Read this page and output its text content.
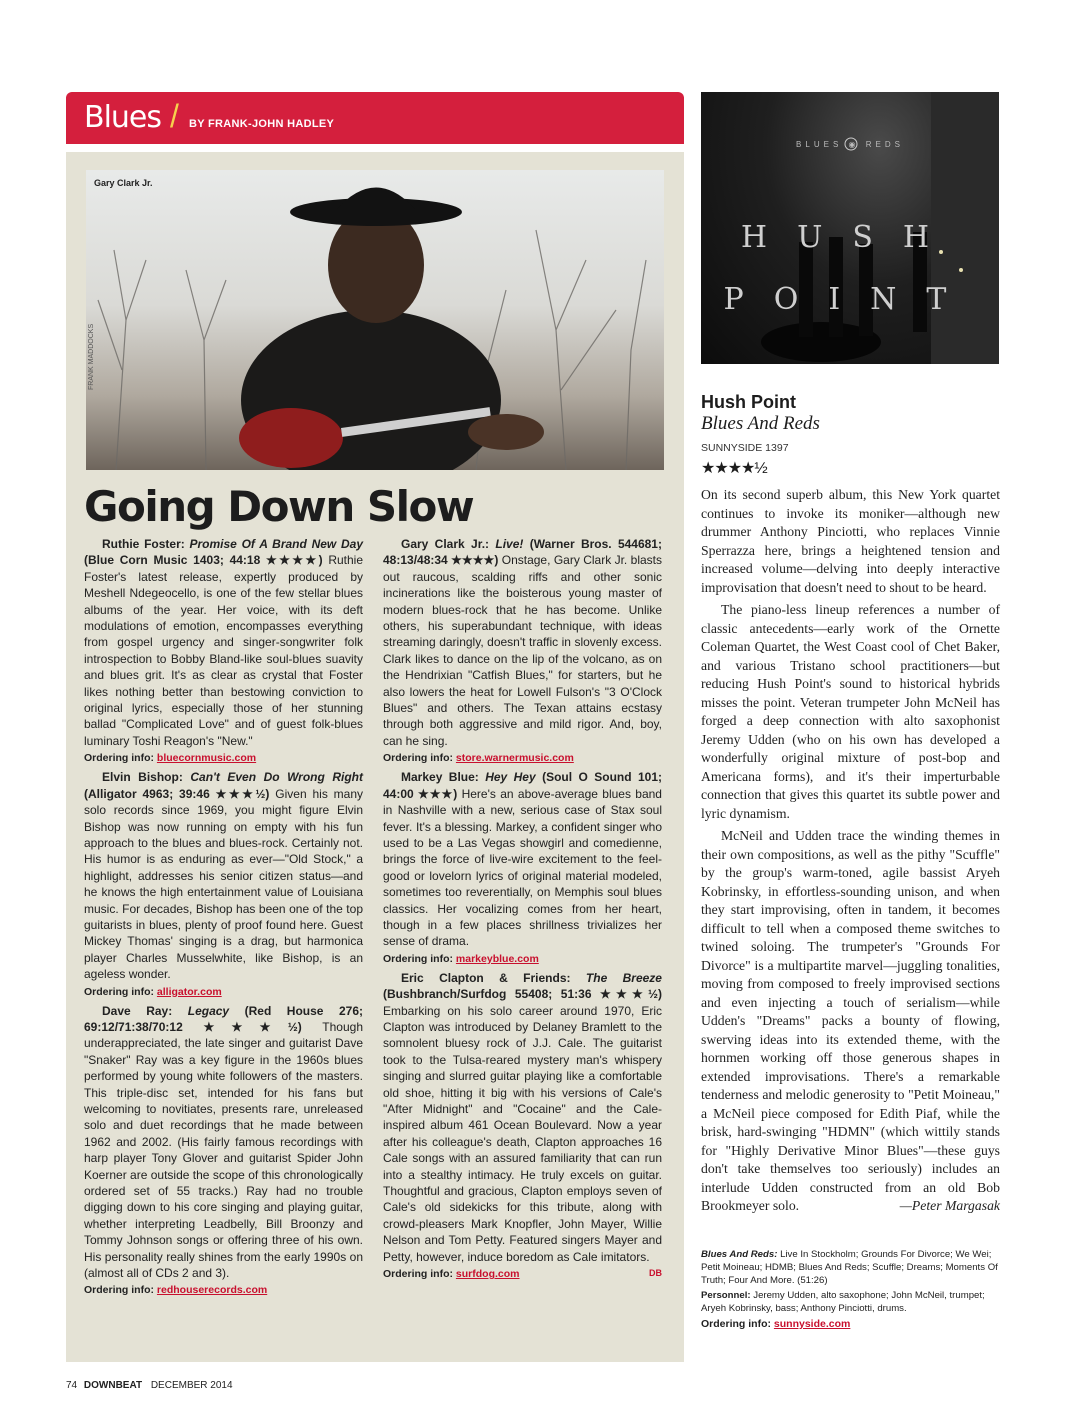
Blues / BY FRANK-JOHN HADLEY
Gary Clark Jr.
FRANK MADDOCKS
Going Down Slow

Ruthie Foster: Promise Of A Brand New Day (Blue Corn Music 1403; 44:18 ★★★★) Ruthie Foster's latest release, expertly produced by Meshell Ndegeocello, is one of the few stellar blues albums of the year. Her voice, with its deft modulations of emotion, encompasses everything from gospel urgency and singer-songwriter folk introspection to Bobby Bland-like soul-blues suavity and blues grit. It's as clear as crystal that Foster likes nothing better than bestowing conviction to original lyrics, especially those of her stunning ballad "Complicated Love" and of guest folk-blues luminary Toshi Reagon's "New."

Ordering info: bluecornmusic.com

Elvin Bishop: Can't Even Do Wrong Right (Alligator 4963; 39:46 ★★★½) Given his many solo records since 1969, you might figure Elvin Bishop was now running on empty with his fun approach to the blues and blues-rock. Certainly not. His humor is as enduring as ever—"Old Stock," a highlight, addresses his senior citizen status—and he knows the high entertainment value of Louisiana music. For decades, Bishop has been one of the top guitarists in blues, plenty of proof found here. Guest Mickey Thomas' singing is a drag, but harmonica player Charles Musselwhite, like Bishop, is an ageless wonder.

Ordering info: alligator.com

Dave Ray: Legacy (Red House 276; 69:12/71:38/70:12 ★★★½) Though underappreciated, the late singer and guitarist Dave "Snaker" Ray was a key figure in the 1960s blues performed by young white followers of the masters. This triple-disc set, intended for his fans but welcoming to novitiates, presents rare, unreleased solo and duet recordings that he made between 1962 and 2002. (His fairly famous recordings with harp player Tony Glover and guitarist Spider John Koerner are outside the scope of this chronologically ordered set of 55 tracks.) Ray had no trouble digging down to his core singing and playing guitar, whether interpreting Leadbelly, Bill Broonzy and Tommy Johnson songs or offering three of his own. His personality really shines from the early 1990s on (almost all of CDs 2 and 3).

Ordering info: redhouserecords.com

Gary Clark Jr.: Live! (Warner Bros. 544681; 48:13/48:34 ★★★★) Onstage, Gary Clark Jr. blasts out raucous, scalding riffs and other sonic incinerations like the boisterous young master of modern blues-rock that he has become. Unlike others, his superabundant technique, with ideas streaming daringly, doesn't traffic in slovenly excess. Clark likes to dance on the lip of the volcano, as on the Hendrixian "Catfish Blues," for starters, but he also lowers the heat for Lowell Fulson's "3 O'Clock Blues" and others. The Texan attains ecstasy through both aggressive and mild rigor. And, boy, can he sing.

Ordering info: store.warnermusic.com

Markey Blue: Hey Hey (Soul O Sound 101; 44:00 ★★★) Here's an above-average blues band in Nashville with a new, serious case of Stax soul fever. It's a blessing. Markey, a confident singer who used to be a Las Vegas showgirl and comedienne, brings the force of live-wire excitement to the feel-good or lovelorn lyrics of original material modeled, sometimes too reverentially, on Memphis soul blues classics. Her vocalizing comes from her heart, though in a few places shrillness trivializes her sense of drama.

Ordering info: markeyblue.com

Eric Clapton & Friends: The Breeze (Bushbranch/Surfdog 55408; 51:36 ★★★½) Embarking on his solo career around 1970, Eric Clapton was introduced by Delaney Bramlett to the somnolent bluesy rock of J.J. Cale. The guitarist took to the Tulsa-reared mystery man's whispery singing and slurred guitar playing like a comfortable old shoe, hitting it big with his versions of Cale's "After Midnight" and "Cocaine" and the Cale-inspired album 461 Ocean Boulevard. Now a year after his colleague's death, Clapton approaches 16 Cale songs with an assured familiarity that can run into a stealthy intimacy. He truly excels on guitar. Thoughtful and gracious, Clapton employs seven of Cale's old sidekicks for this tribute, along with crowd-pleasers Mark Knopfler, John Mayer, Willie Nelson and Tom Petty. Featured singers Mayer and Petty, however, induce boredom as Cale imitators.
DB

Ordering info: surfdog.com
BLUES ◉ REDS
HUSH
POINT
Hush Point
Blues And Reds
SUNNYSIDE 1397
★★★★½

On its second superb album, this New York quartet continues to invoke its moniker—although new drummer Anthony Pinciotti, who replaces Vinnie Sperrazza here, brings a heightened tension and increased volume—delving into deeply interactive improvisation that doesn't need to shout to be heard.

The piano-less lineup references a number of classic antecedents—early work of the Ornette Coleman Quartet, the West Coast cool of Chet Baker, and various Tristano school practitioners—but reducing Hush Point's sound to historical hybrids misses the point. Veteran trumpeter John McNeil has forged a deep connection with alto saxophonist Jeremy Udden (who on his own has developed a wonderfully original mixture of post-bop and Americana forms), and it's their imperturbable connection that gives this quartet its subtle power and lyric dynamism.

McNeil and Udden trace the winding themes in their own compositions, as well as the pithy "Scuffle" by the group's warm-toned, agile bassist Aryeh Kobrinsky, in effortless-sounding unison, and when they start improvising, often in tandem, it becomes difficult to tell when a composed theme switches to twined soloing. The trumpeter's "Grounds For Divorce" is a multipartite marvel—juggling tonalities, moving from composed to freely improvised sections and even injecting a touch of serialism—while Udden's "Dreams" packs a bounty of flowing, swerving ideas into its extended theme, with the hornmen working off those generous shapes in extended improvisations. There's a remarkable tenderness and melodic generosity to "Petit Moineau," a McNeil piece composed for Edith Piaf, while the brisk, hard-swinging "HDMN" (which wittily stands for "Highly Derivative Minor Blues"—these guys don't take themselves too seriously) includes an interlude Udden constructed from an old Bob Brookmeyer solo.	—Peter Margasak

Blues And Reds: Live In Stockholm; Grounds For Divorce; We Wei; Petit Moineau; HDMB; Blues And Reds; Scuffle; Dreams; Moments Of Truth; Four And More. (51:26)
Personnel: Jeremy Udden, alto saxophone; John McNeil, trumpet; Aryeh Kobrinsky, bass; Anthony Pinciotti, drums.
Ordering info: sunnyside.com
74 DOWNBEAT DECEMBER 2014
